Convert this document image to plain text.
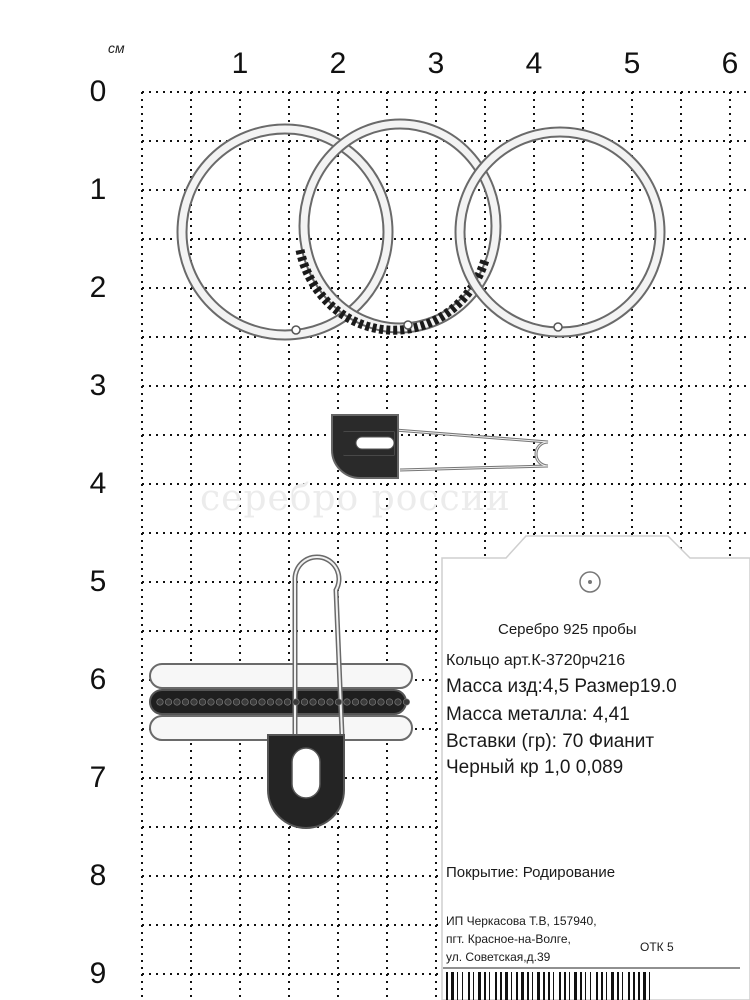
см	1	2	3	4	5	6
0
1
2
3
4
5
6
7
8
9
серебро россии
Серебро 925 пробы
Кольцо арт.К-3720рч216
Масса изд:4,5 Размер19.0
Масса металла: 4,41
Вставки (гр): 70 Фианит
Черный кр 1,0 0,089
Покрытие: Родирование
ИП Черкасова Т.В, 157940,
пгт. Красное-на-Волге,
ул. Советская,д.39
ОТК 5
